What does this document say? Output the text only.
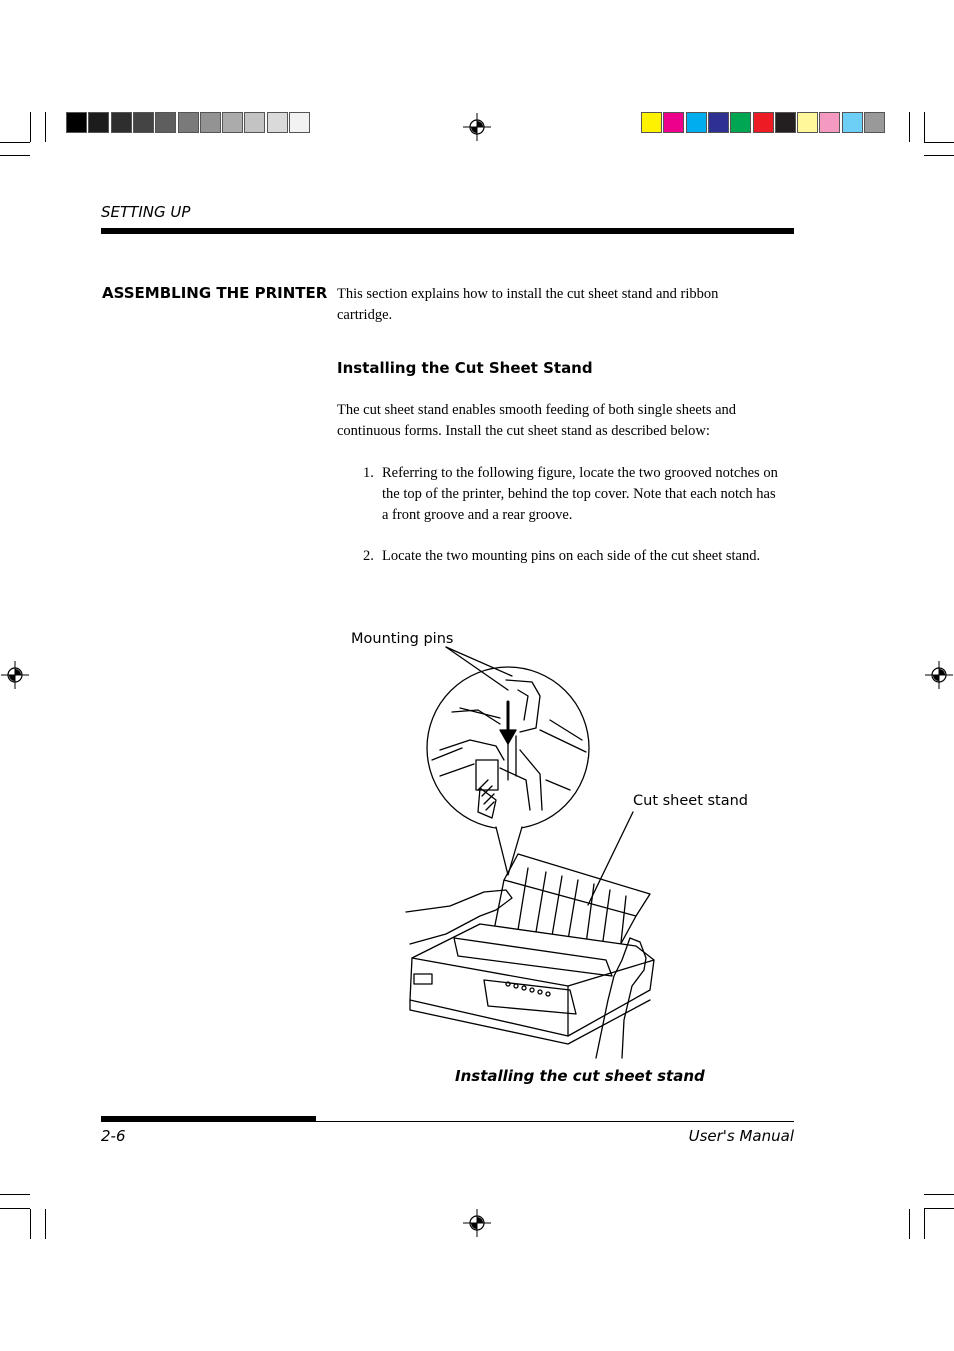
SETTING UP
ASSEMBLING THE PRINTER This section explains how to install the cut sheet stand and ribbon cartridge.
Installing the Cut Sheet Stand
The cut sheet stand enables smooth feeding of both single sheets and continuous forms. Install the cut sheet stand as described below:
1. Referring to the following figure, locate the two grooved notches on the top of the printer, behind the top cover. Note that each notch has a front groove and a rear groove.
2. Locate the two mounting pins on each side of the cut sheet stand.
Mounting pins
Cut sheet stand
Installing the cut sheet stand
2-6	User's Manual
